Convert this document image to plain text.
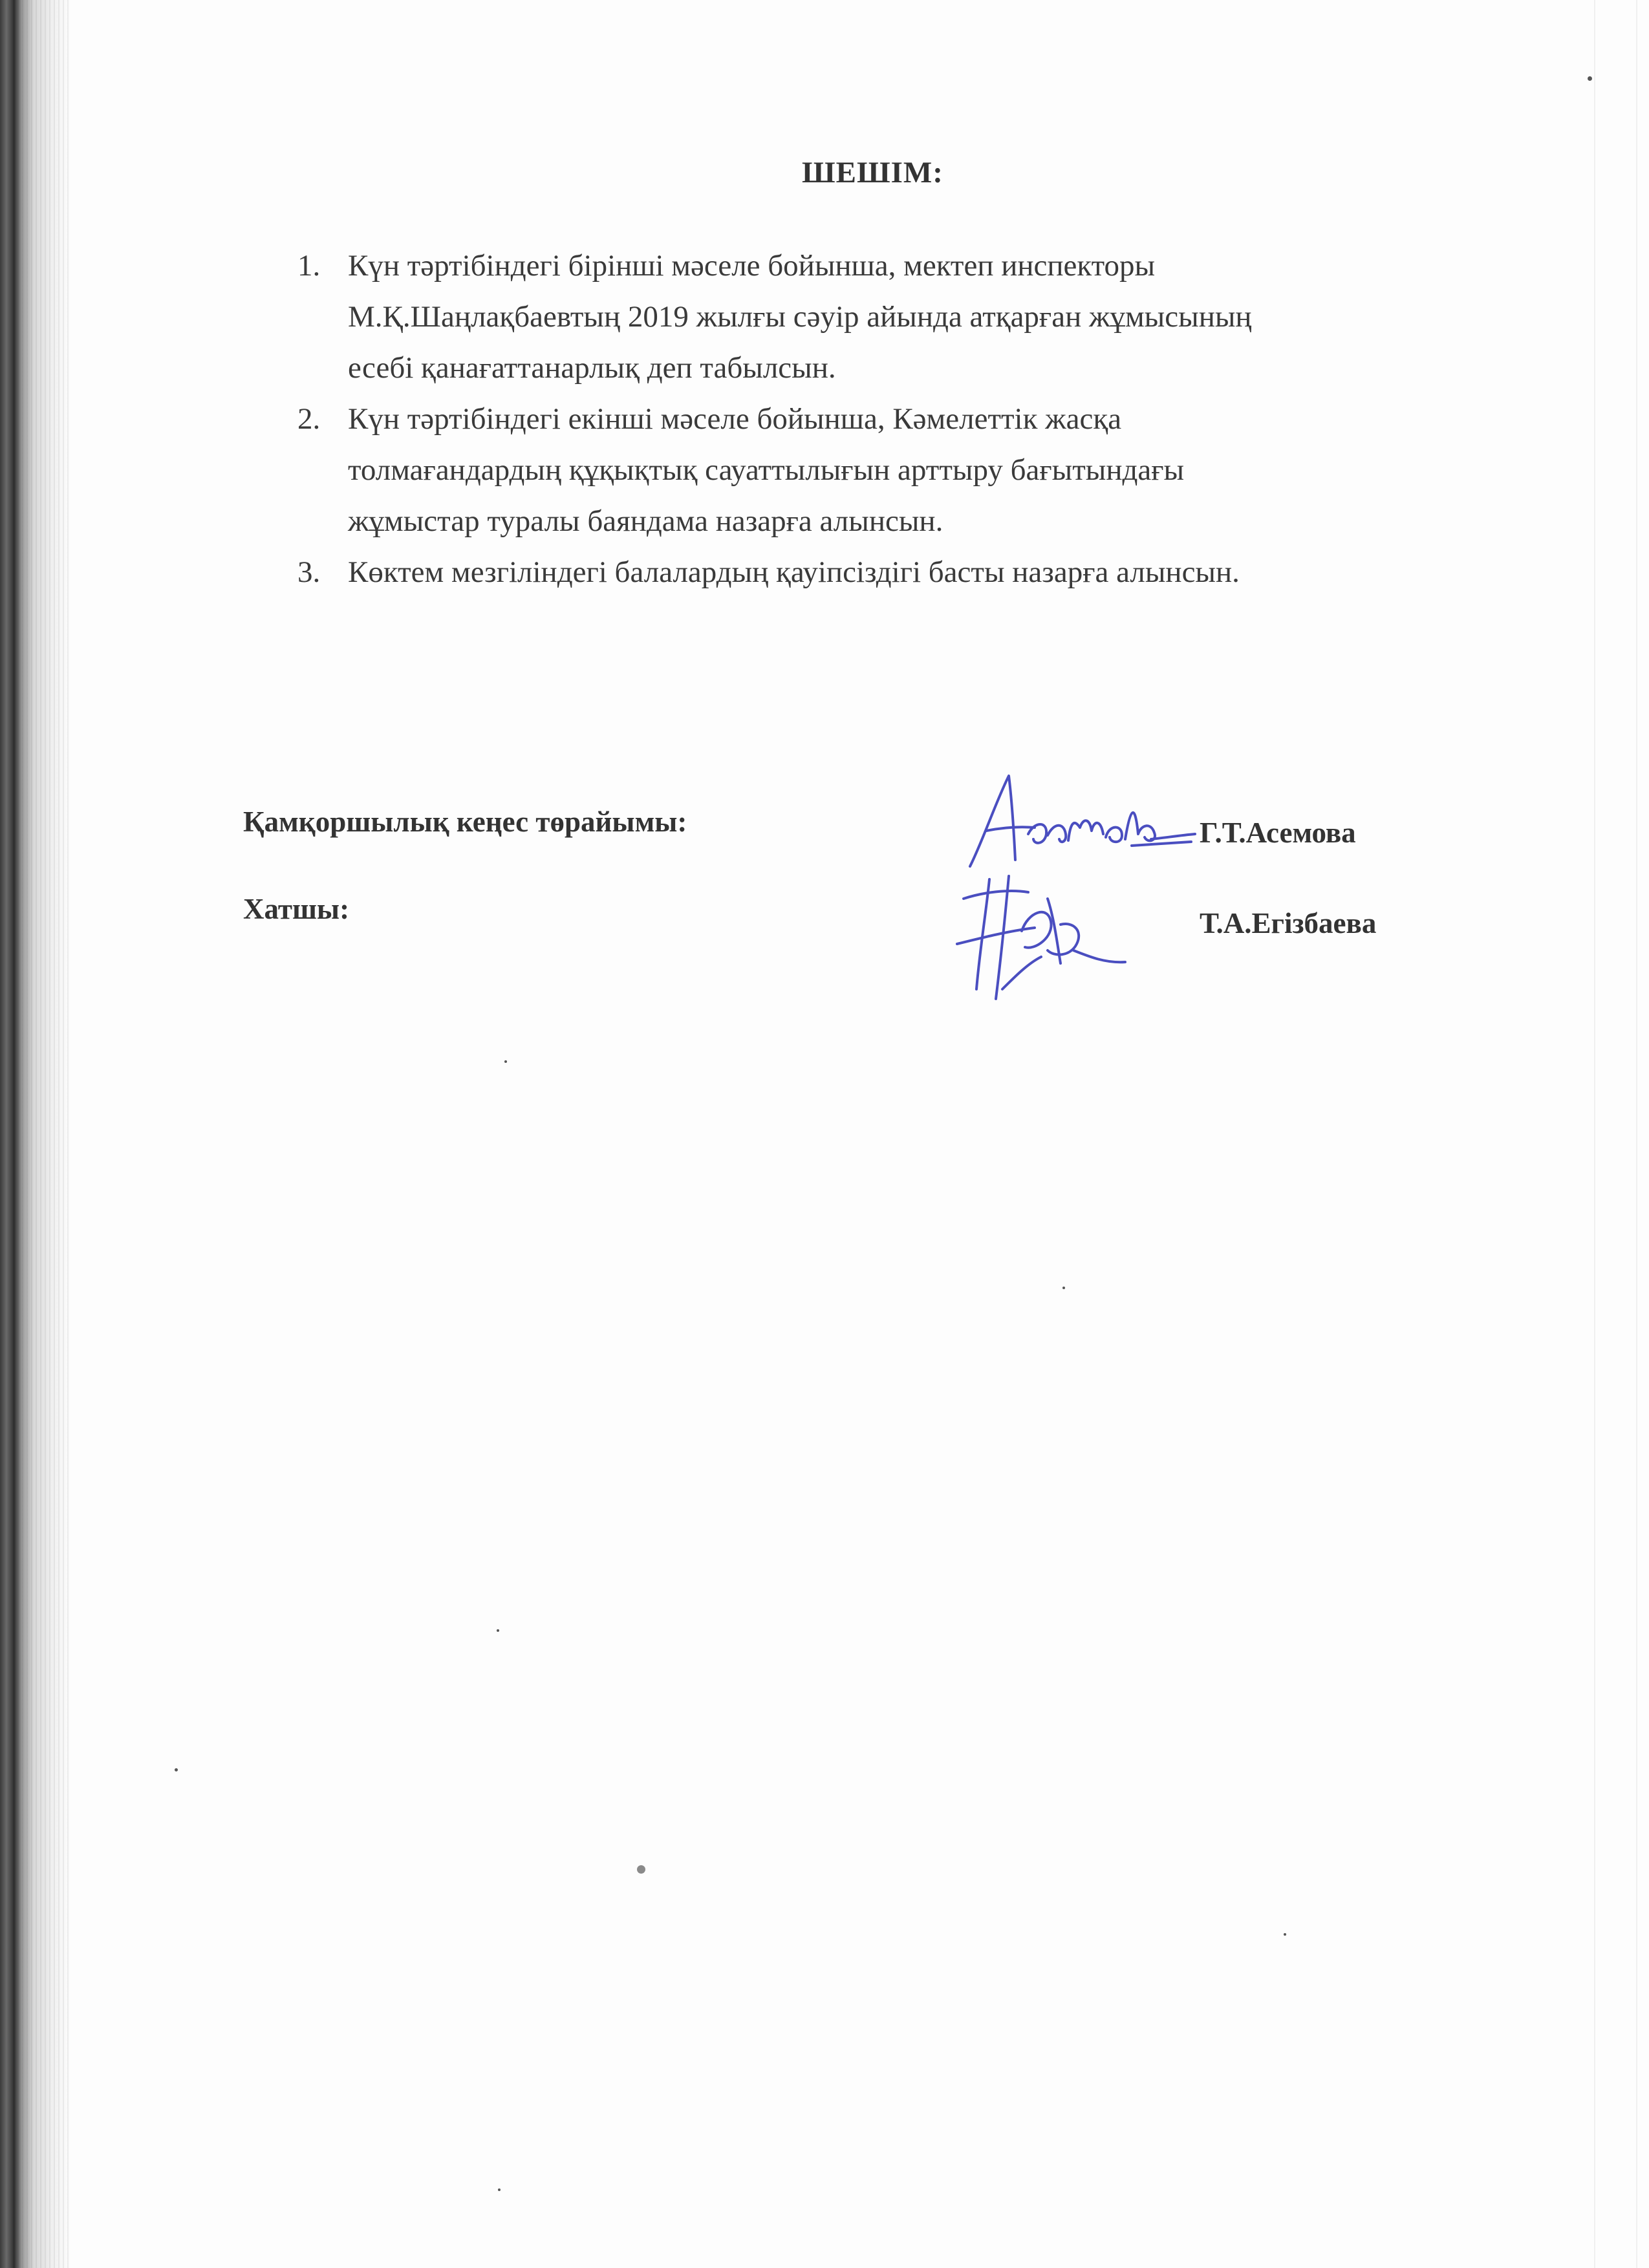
ШЕШІМ:
1. Күн тәртібіндегі бірінші мәселе бойынша, мектеп инспекторы
М.Қ.Шаңлақбаевтың 2019 жылғы сәуір айында атқарған жұмысының
есебі қанағаттанарлық деп табылсын.
2. Күн тәртібіндегі екінші мәселе бойынша, Кәмелеттік жасқа
толмағандардың құқықтық сауаттылығын арттыру бағытындағы
жұмыстар туралы баяндама назарға алынсын.
3. Көктем мезгіліндегі балалардың қауіпсіздігі басты назарға алынсын.
Қамқоршылық кеңес төрайымы:	Г.Т.Асемова
Хатшы:	Т.А.Егізбаева
